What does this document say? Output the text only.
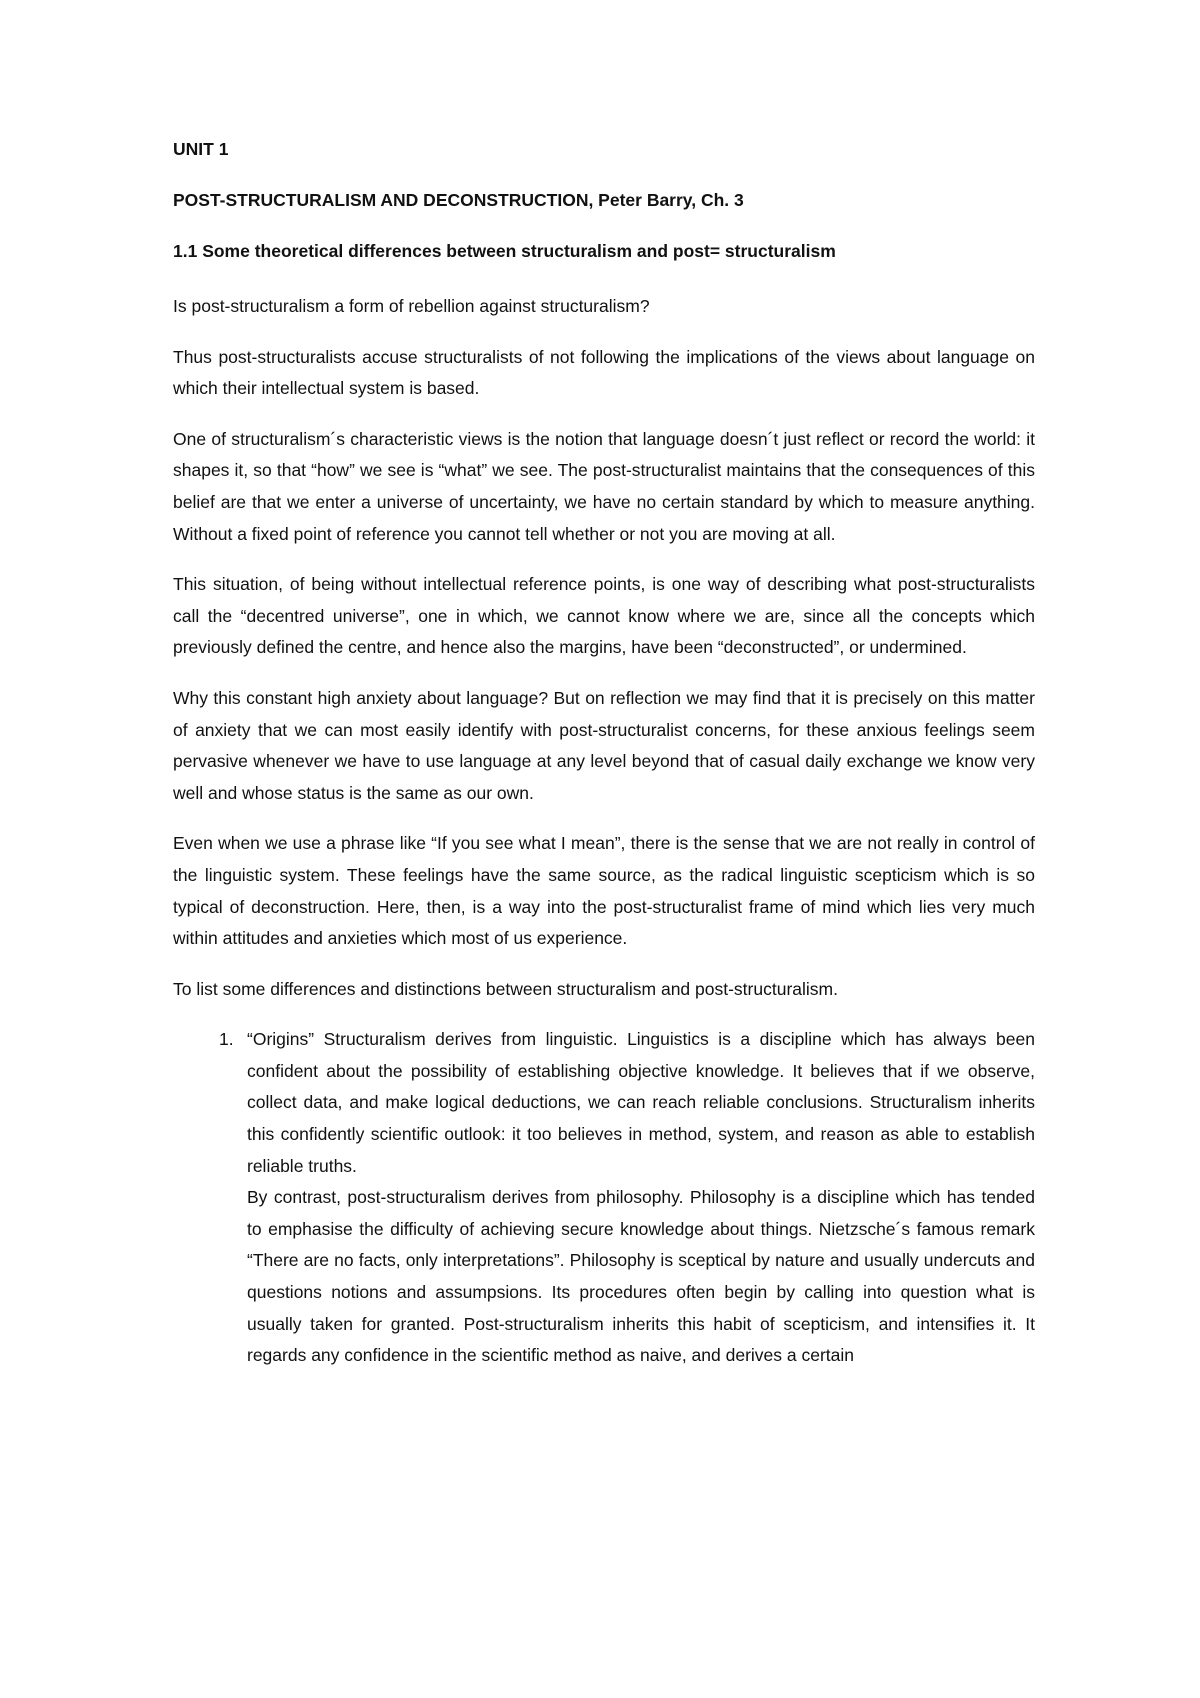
UNIT 1

POST-STRUCTURALISM AND DECONSTRUCTION, Peter Barry, Ch. 3

1.1 Some theoretical differences between structuralism and post= structuralism

Is post-structuralism a form of rebellion against structuralism?

Thus post-structuralists accuse structuralists of not following the implications of the views about language on which their intellectual system is based.

One of structuralism´s characteristic views is the notion that language doesn´t just reflect or record the world: it shapes it, so that “how” we see is “what” we see. The post-structuralist maintains that the consequences of this belief are that we enter a universe of uncertainty, we have no certain standard by which to measure anything. Without a fixed point of reference you cannot tell whether or not you are moving at all.

This situation, of being without intellectual reference points, is one way of describing what post-structuralists call the “decentred universe”, one in which, we cannot know where we are, since all the concepts which previously defined the centre, and hence also the margins, have been “deconstructed”, or undermined.

Why this constant high anxiety about language? But on reflection we may find that it is precisely on this matter of anxiety that we can most easily identify with post-structuralist concerns, for these anxious feelings seem pervasive whenever we have to use language at any level beyond that of casual daily exchange we know very well and whose status is the same as our own.

Even when we use a phrase like “If you see what I mean”, there is the sense that we are not really in control of the linguistic system. These feelings have the same source, as the radical linguistic scepticism which is so typical of deconstruction. Here, then, is a way into the post-structuralist frame of mind which lies very much within attitudes and anxieties which most of us experience.

To list some differences and distinctions between structuralism and post-structuralism.

1. “Origins” Structuralism derives from linguistic. Linguistics is a discipline which has always been confident about the possibility of establishing objective knowledge. It believes that if we observe, collect data, and make logical deductions, we can reach reliable conclusions. Structuralism inherits this confidently scientific outlook: it too believes in method, system, and reason as able to establish reliable truths.

By contrast, post-structuralism derives from philosophy. Philosophy is a discipline which has tended to emphasise the difficulty of achieving secure knowledge about things. Nietzsche´s famous remark “There are no facts, only interpretations”. Philosophy is sceptical by nature and usually undercuts and questions notions and assumpsions. Its procedures often begin by calling into question what is usually taken for granted. Post-structuralism inherits this habit of scepticism, and intensifies it. It regards any confidence in the scientific method as naive, and derives a certain
